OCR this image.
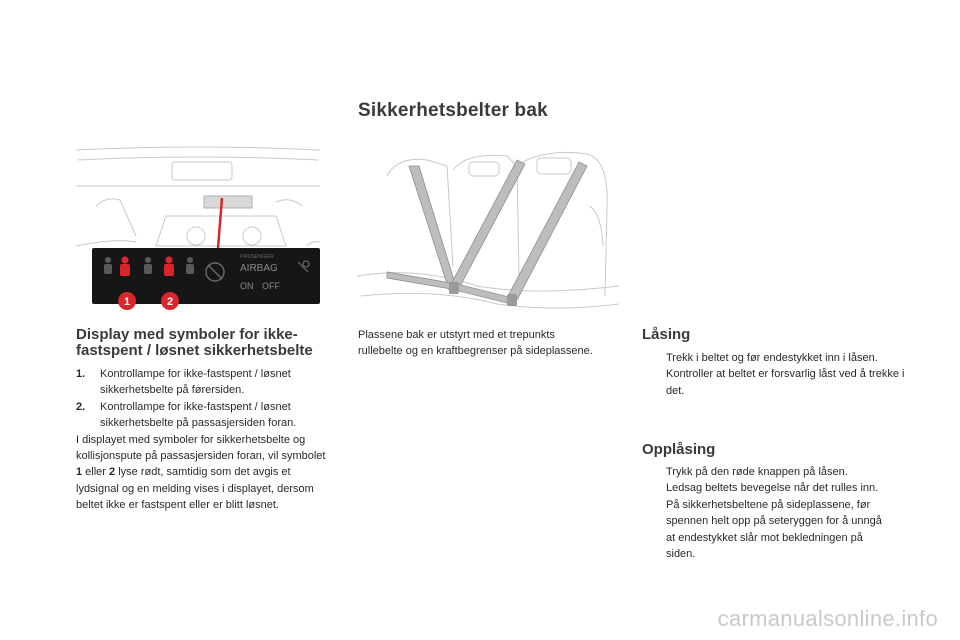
Sikkerhetsbelter bak
PASSENGER
AIRBAG
ON OFF
1	2
Display med symboler for ikke-
fastspent / løsnet sikkerhetsbelte
1.	Kontrollampe for ikke-fastspent / løsnet sikkerhetsbelte på førersiden.
2.	Kontrollampe for ikke-fastspent / løsnet sikkerhetsbelte på passasjersiden foran.
I displayet med symboler for sikkerhetsbelte og kollisjonspute på passasjersiden foran, vil symbolet 1 eller 2 lyse rødt, samtidig som det avgis et lydsignal og en melding vises i displayet, dersom beltet ikke er fastspent eller er blitt løsnet.
Plassene bak er utstyrt med et trepunkts rullebelte og en kraftbegrenser på sideplassene.
Låsing
Trekk i beltet og før endestykket inn i låsen.
Kontroller at beltet er forsvarlig låst ved å trekke i det.
Opplåsing
Trykk på den røde knappen på låsen.
Ledsag beltets bevegelse når det rulles inn.
På sikkerhetsbeltene på sideplassene, før spennen helt opp på seteryggen for å unngå at endestykket slår mot bekledningen på siden.
carmanualsonline.info
